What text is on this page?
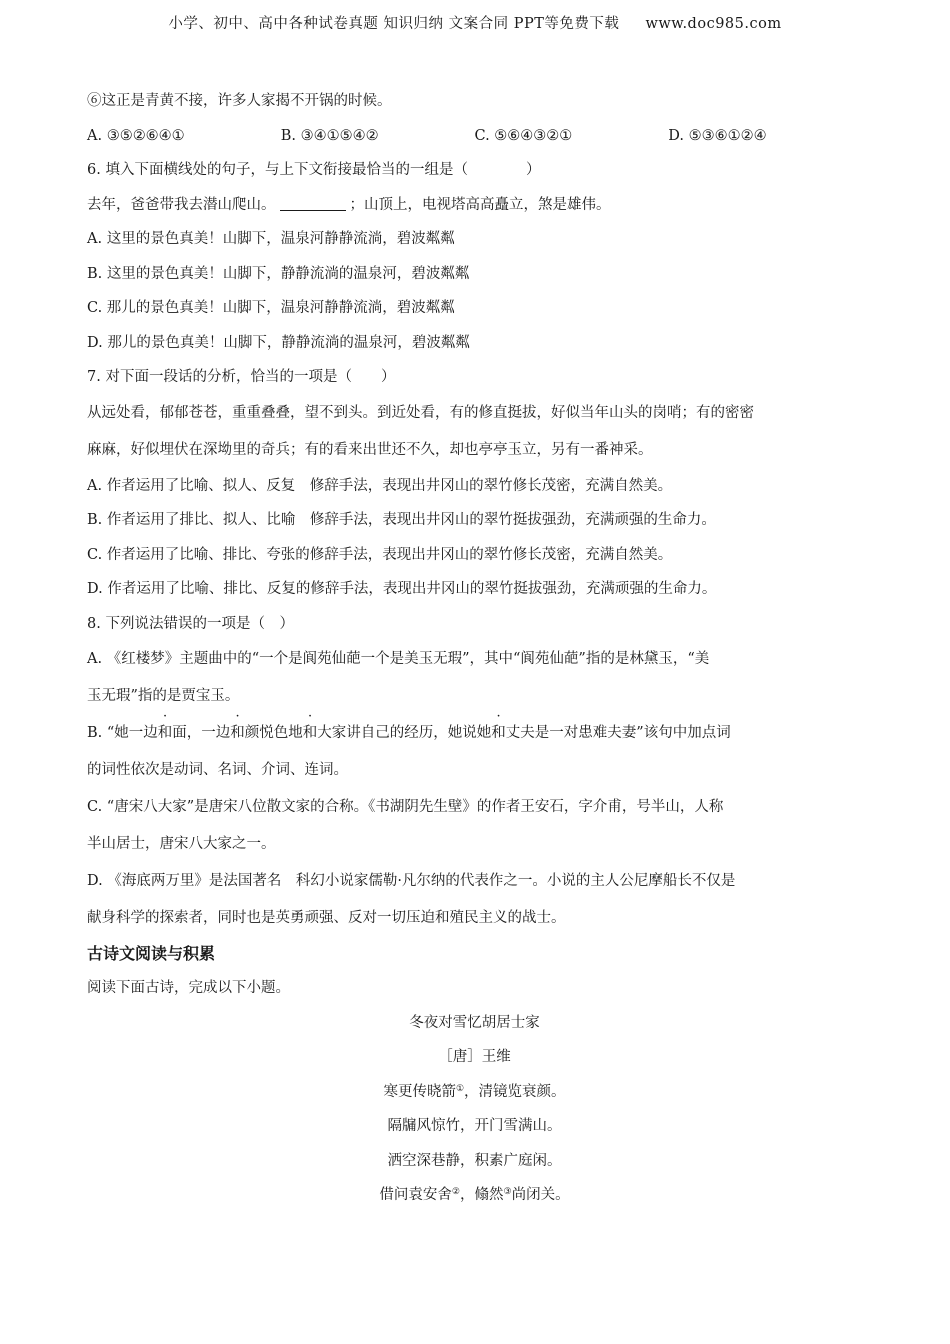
小学、初中、高中各种试卷真题 知识归纳 文案合同 PPT等免费下载 www.doc985.com
⑥这正是青黄不接，许多人家揭不开锅的时候。
A. ③⑤②⑥④①	B. ③④①⑤④②	C. ⑤⑥④③②①	D. ⑤③⑥①②④
6. 填入下面横线处的句子，与上下文衔接最恰当的一组是（　　　　）
去年，爸爸带我去潜山爬山。	；山顶上，电视塔高高矗立，煞是雄伟。
A. 这里的景色真美！山脚下，温泉河静静流淌，碧波粼粼
B. 这里的景色真美！山脚下，静静流淌的温泉河，碧波粼粼
C. 那儿的景色真美！山脚下，温泉河静静流淌，碧波粼粼
D. 那儿的景色真美！山脚下，静静流淌的温泉河，碧波粼粼
7. 对下面一段话的分析，恰当的一项是（　　）
从远处看，郁郁苍苍，重重叠叠，望不到头。到近处看，有的修直挺拔，好似当年山头的岗哨；有的密密
麻麻，好似埋伏在深坳里的奇兵；有的看来出世还不久，却也亭亭玉立，另有一番神采。
A. 作者运用了比喻、拟人、反复　修辞手法，表现出井冈山的翠竹修长茂密，充满自然美。
B. 作者运用了排比、拟人、比喻　修辞手法，表现出井冈山的翠竹挺拔强劲，充满顽强的生命力。
C. 作者运用了比喻、排比、夸张的修辞手法，表现出井冈山的翠竹修长茂密，充满自然美。
D. 作者运用了比喻、排比、反复的修辞手法，表现出井冈山的翠竹挺拔强劲，充满顽强的生命力。
8. 下列说法错误的一项是（　）
A. 《红楼梦》主题曲中的“一个是阆苑仙葩一个是美玉无瑕”，其中“阆苑仙葩”指的是林黛玉，“美
玉无瑕”指的是贾宝玉。
B. “她一边和面，一边和颜悦色地和大家讲自己的经历，她说她和丈夫是一对患难夫妻”该句中加点词
的词性依次是动词、名词、介词、连词。
C. “唐宋八大家”是唐宋八位散文家的合称。《书湖阴先生壁》的作者王安石，字介甫，号半山，人称
半山居士，唐宋八大家之一。
D. 《海底两万里》是法国著名　科幻小说家儒勒·凡尔纳的代表作之一。小说的主人公尼摩船长不仅是
献身科学的探索者，同时也是英勇顽强、反对一切压迫和殖民主义的战士。
古诗文阅读与积累
阅读下面古诗，完成以下小题。
冬夜对雪忆胡居士家
［唐］王维
寒更传晓箭①，清镜览衰颜。
隔牖风惊竹，开门雪满山。
洒空深巷静，积素广庭闲。
借问袁安舍②，翛然③尚闭关。
